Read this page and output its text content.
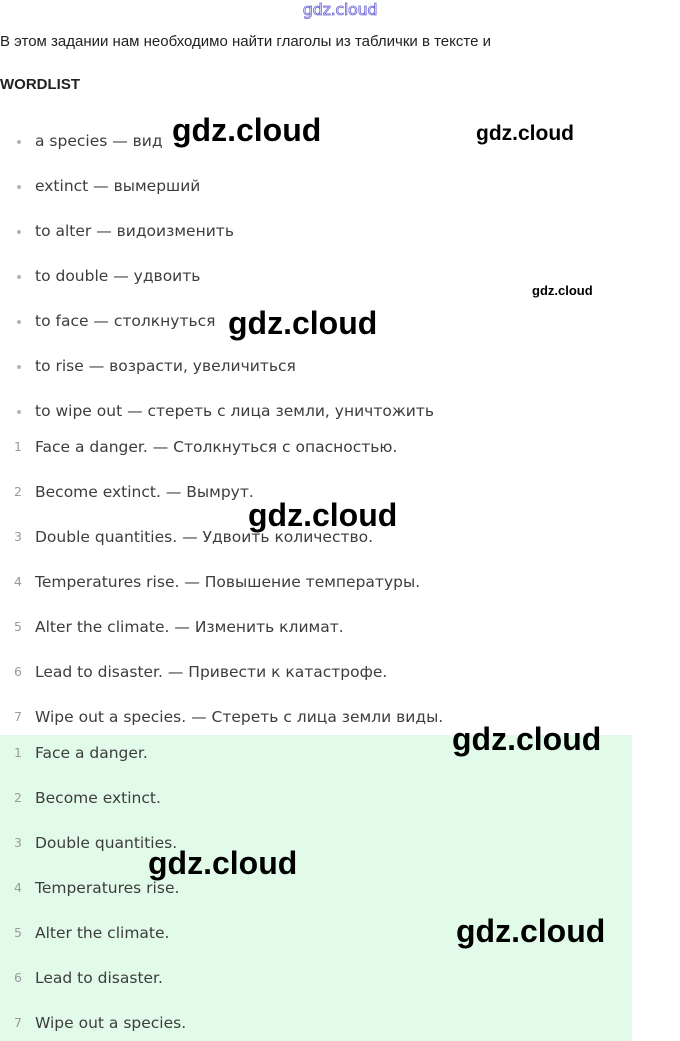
gdz.cloud
В этом задании нам необходимо найти глаголы из таблички в тексте и
WORDLIST
a species — вид
extinct — вымерший
to alter — видоизменить
to double — удвоить
to face — столкнуться
to rise — возрасти, увеличиться
to wipe out — стереть с лица земли, уничтожить
1 Face a danger. — Столкнуться с опасностью.
2 Become extinct. — Вымрут.
3 Double quantities. — Удвоить количество.
4 Temperatures rise. — Повышение температуры.
5 Alter the climate. — Изменить климат.
6 Lead to disaster. — Привести к катастрофе.
7 Wipe out a species. — Стереть с лица земли виды.
1 Face a danger.
2 Become extinct.
3 Double quantities.
4 Temperatures rise.
5 Alter the climate.
6 Lead to disaster.
7 Wipe out a species.
gdz.cloud	gdz.cloud
gdz.cloud
gdz.cloud
gdz.cloud
gdz.cloud
gdz.cloud
gdz.cloud
